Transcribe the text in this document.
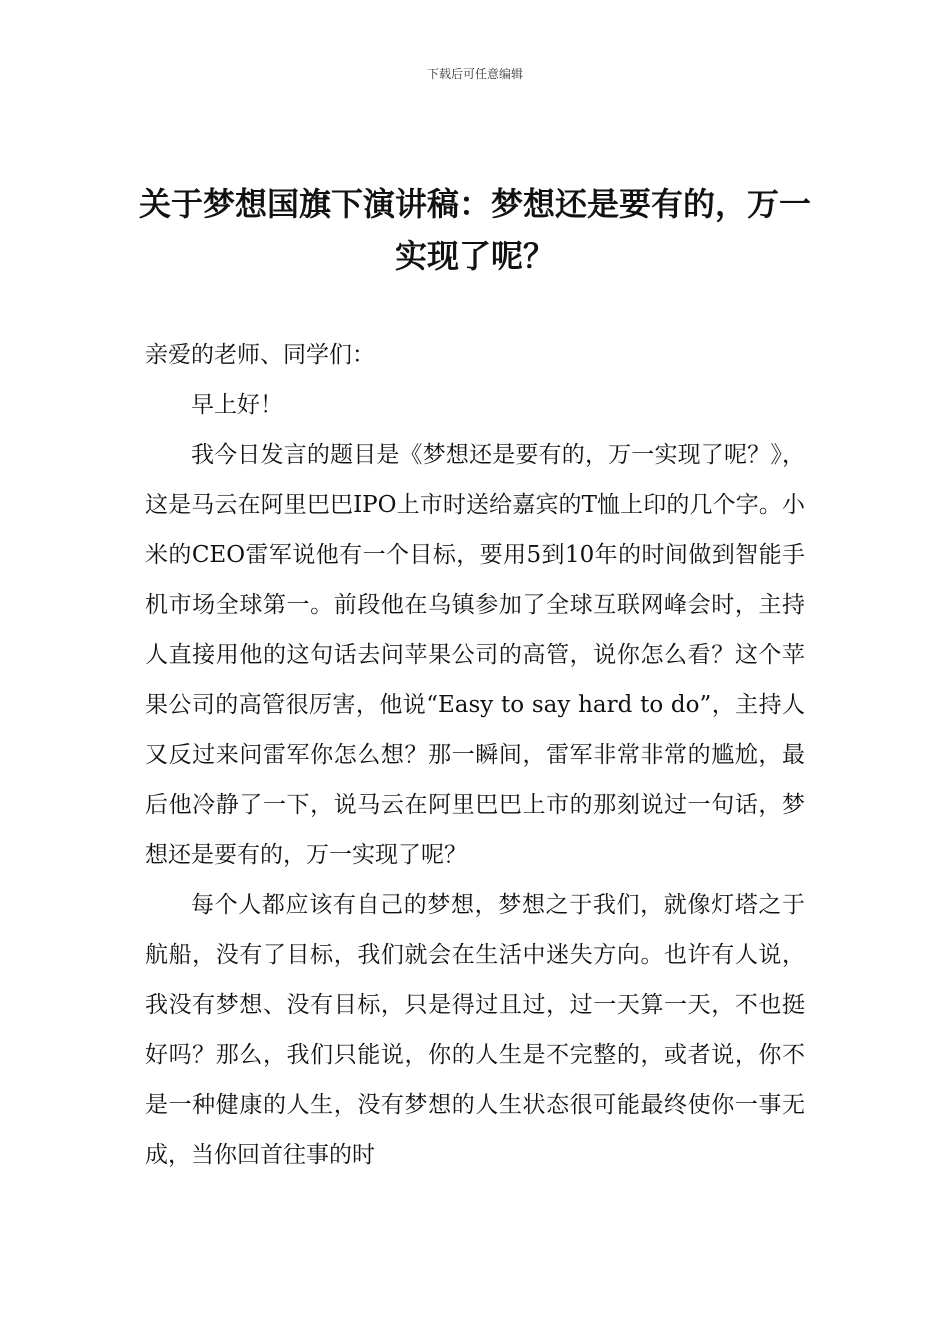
下载后可任意编辑
关于梦想国旗下演讲稿：梦想还是要有的，万一实现了呢？

亲爱的老师、同学们：

早上好！

我今日发言的题目是《梦想还是要有的，万一实现了呢？》，这是马云在阿里巴巴IPO上市时送给嘉宾的T恤上印的几个字。小米的CEO雷军说他有一个目标，要用5到10年的时间做到智能手机市场全球第一。前段他在乌镇参加了全球互联网峰会时，主持人直接用他的这句话去问苹果公司的高管，说你怎么看？这个苹果公司的高管很厉害，他说“Easy to say hard to do”，主持人又反过来问雷军你怎么想？那一瞬间，雷军非常非常的尴尬，最后他冷静了一下，说马云在阿里巴巴上市的那刻说过一句话，梦想还是要有的，万一实现了呢？

每个人都应该有自己的梦想，梦想之于我们，就像灯塔之于航船，没有了目标，我们就会在生活中迷失方向。也许有人说，我没有梦想、没有目标，只是得过且过，过一天算一天，不也挺好吗？那么，我们只能说，你的人生是不完整的，或者说，你不是一种健康的人生，没有梦想的人生状态很可能最终使你一事无成，当你回首往事的时
